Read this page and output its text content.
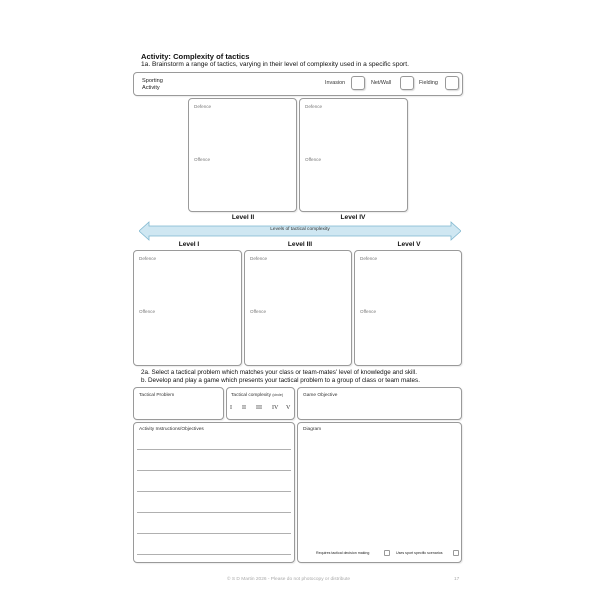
Activity: Complexity of tactics
1a. Brainstorm a range of tactics, varying in their level of complexity used in a specific sport.
Sporting
Activity
Invasion	Net/Wall	Fielding
Defence
Offence
Defence
Offence
Level II	Level IV
Levels of tactical complexity
Level I	Level III	Level V
Defence
Offence
Defence
Offence
Defence
Offence
2a. Select a tactical problem which matches your class or team-mates' level of knowledge and skill.
b. Develop and play a game which presents your tactical problem to a group of class or team mates.
Tactical Problem	Tactical complexity (circle)
I II III IV V
Game Objective
Activity Instructions/Objectives	Diagram
Requires tactical decision making	Uses sport specific scenarios
© S D Martin 2026 - Please do not photocopy or distribute	17
